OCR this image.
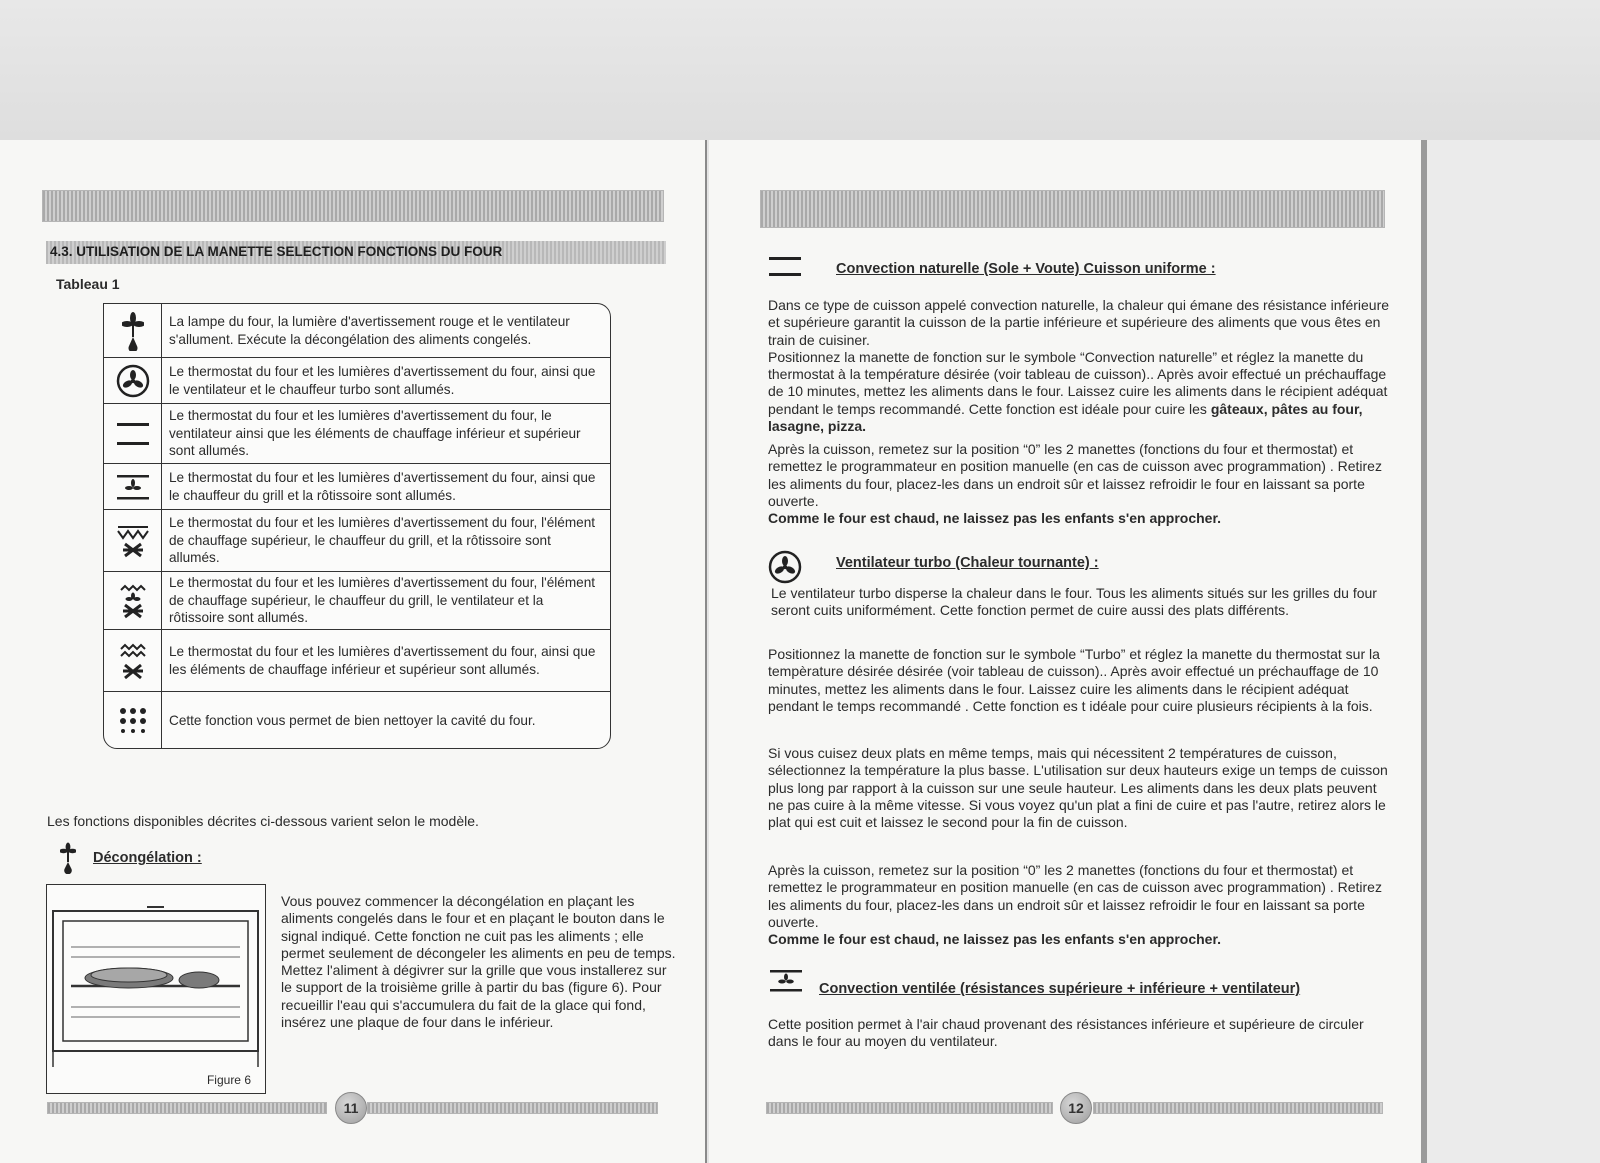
4.3. UTILISATION DE LA MANETTE SELECTION FONCTIONS DU FOUR
Tableau 1
La lampe du four, la lumière d'avertissement rouge et le ventilateur s'allument. Exécute la décongélation des aliments congelés.
Le thermostat du four et les lumières d'avertissement du four, ainsi que le ventilateur et le chauffeur turbo sont allumés.
Le thermostat du four et les lumières d'avertissement du four, le ventilateur ainsi que les éléments de chauffage inférieur et supérieur sont allumés.
Le thermostat du four et les lumières d'avertissement du four, ainsi que le chauffeur du grill et la rôtissoire sont allumés.
Le thermostat du four et les lumières d'avertissement du four, l'élément de chauffage supérieur, le chauffeur du grill, et la rôtissoire sont allumés.
Le thermostat du four et les lumières d'avertissement du four, l'élément de chauffage supérieur, le chauffeur du grill, le ventilateur et la rôtissoire sont allumés.
Le thermostat du four et les lumières d'avertissement du four, ainsi que les éléments de chauffage inférieur et supérieur sont allumés.
Cette fonction vous permet de bien nettoyer la cavité du four.
Les fonctions disponibles décrites ci-dessous varient selon le modèle.
Décongélation :
Figure 6
Vous pouvez commencer la décongélation en plaçant les aliments congelés dans le four et en plaçant le bouton dans le signal indiqué. Cette fonction ne cuit pas les aliments ; elle permet seulement de décongeler les aliments en peu de temps. Mettez l'aliment à dégivrer sur la grille que vous installerez sur le support de la troisième grille à partir du bas (figure 6). Pour recueillir l'eau qui s'accumulera du fait de la glace qui fond, insérez une plaque de four dans le inférieur.
11
Convection naturelle (Sole + Voute) Cuisson uniforme :
Dans ce type de cuisson appelé convection naturelle, la chaleur qui émane des résistance inférieure et supérieure garantit la cuisson de la partie inférieure et supérieure des aliments que vous êtes en train de cuisiner.
Positionnez la manette de fonction sur le symbole “Convection naturelle” et réglez la manette du thermostat à la température désirée (voir tableau de cuisson).. Après avoir effectué un préchauffage de 10 minutes, mettez les aliments dans le four. Laissez cuire les aliments dans le récipient adéquat pendant le temps recommandé. Cette fonction est idéale pour cuire les gâteaux, pâtes au four, lasagne, pizza.
Après la cuisson, remetez sur la position “0” les 2 manettes (fonctions du four et thermostat) et remettez le programmateur en position manuelle (en cas de cuisson avec programmation) . Retirez les aliments du four, placez-les dans un endroit sûr et laissez refroidir le four en laissant sa porte ouverte.
Comme le four est chaud, ne laissez pas les enfants s'en approcher.
Ventilateur turbo (Chaleur tournante) :
Le ventilateur turbo disperse la chaleur dans le four. Tous les aliments situés sur les grilles du four seront cuits uniformément. Cette fonction permet de cuire aussi des plats différents.
Positionnez la manette de fonction sur le symbole “Turbo” et réglez la manette du thermostat sur la tempèrature désirée désirée (voir tableau de cuisson).. Après avoir effectué un préchauffage de 10 minutes, mettez les aliments dans le four. Laissez cuire les aliments dans le récipient adéquat pendant le temps recommandé . Cette fonction es t idéale pour cuire plusieurs récipients à la fois.
Si vous cuisez deux plats en même temps, mais qui nécessitent 2 températures de cuisson, sélectionnez la température la plus basse. L'utilisation sur deux hauteurs exige un temps de cuisson plus long par rapport à la cuisson sur une seule hauteur. Les aliments dans les deux plats peuvent ne pas cuire à la même vitesse. Si vous voyez qu'un plat a fini de cuire et pas l'autre, retirez alors le plat qui est cuit et laissez le second pour la fin de cuisson.
Après la cuisson, remetez sur la position “0” les 2 manettes (fonctions du four et thermostat) et remettez le programmateur en position manuelle (en cas de cuisson avec programmation) . Retirez les aliments du four, placez-les dans un endroit sûr et laissez refroidir le four en laissant sa porte ouverte.
Comme le four est chaud, ne laissez pas les enfants s'en approcher.
Convection ventilée (résistances supérieure + inférieure + ventilateur)
Cette position permet à l'air chaud provenant des résistances inférieure et supérieure de circuler dans le four au moyen du ventilateur.
12
